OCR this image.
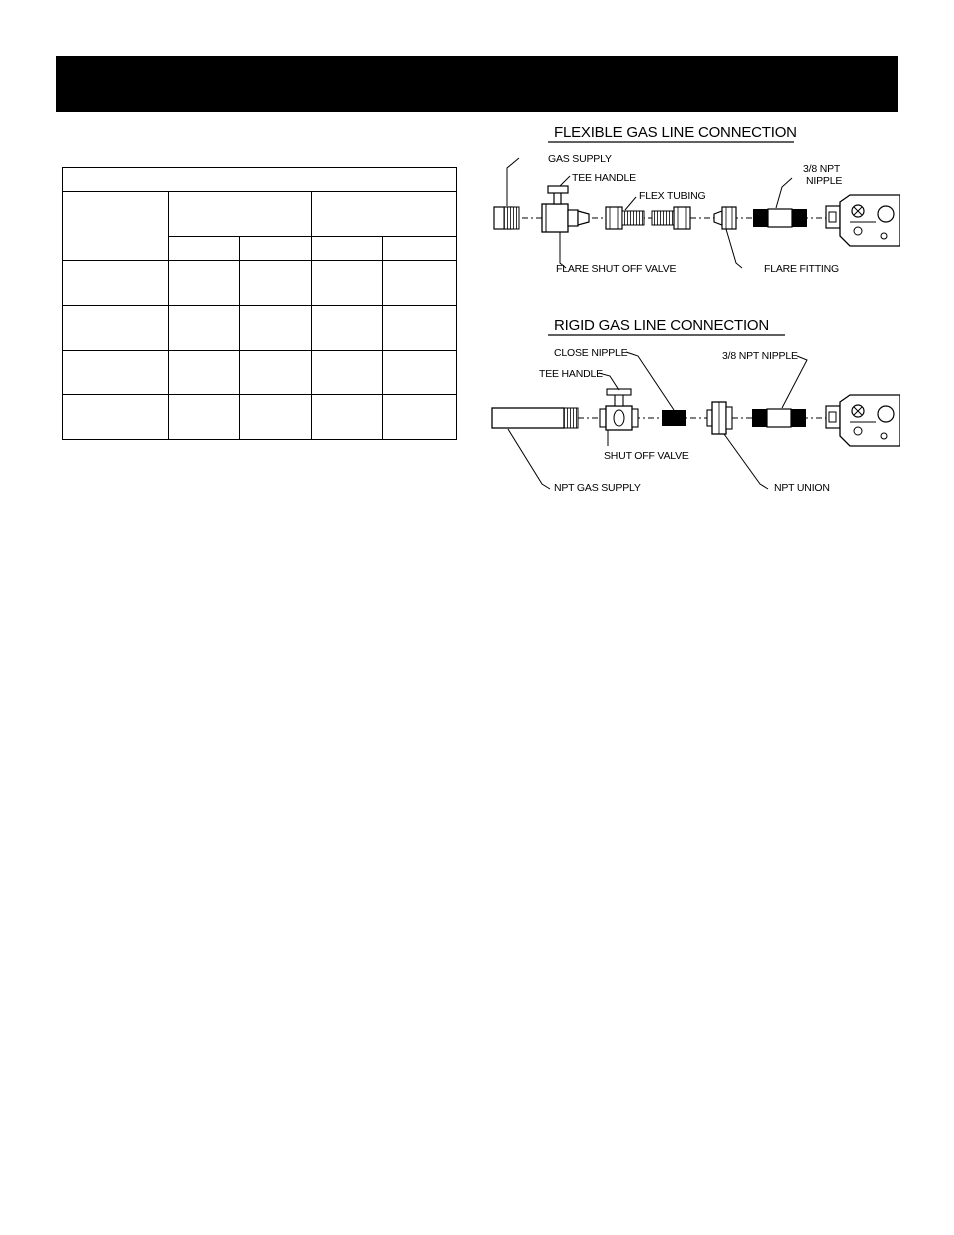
FLEXIBLE GAS LINE CONNECTION
GAS SUPPLY
TEE HANDLE
FLEX TUBING
3/8 NPT
NIPPLE
FLARE SHUT OFF VALVE	FLARE FITTING
RIGID GAS LINE CONNECTION
CLOSE NIPPLE	3/8 NPT NIPPLE
TEE HANDLE
SHUT OFF VALVE
NPT GAS SUPPLY	NPT UNION
